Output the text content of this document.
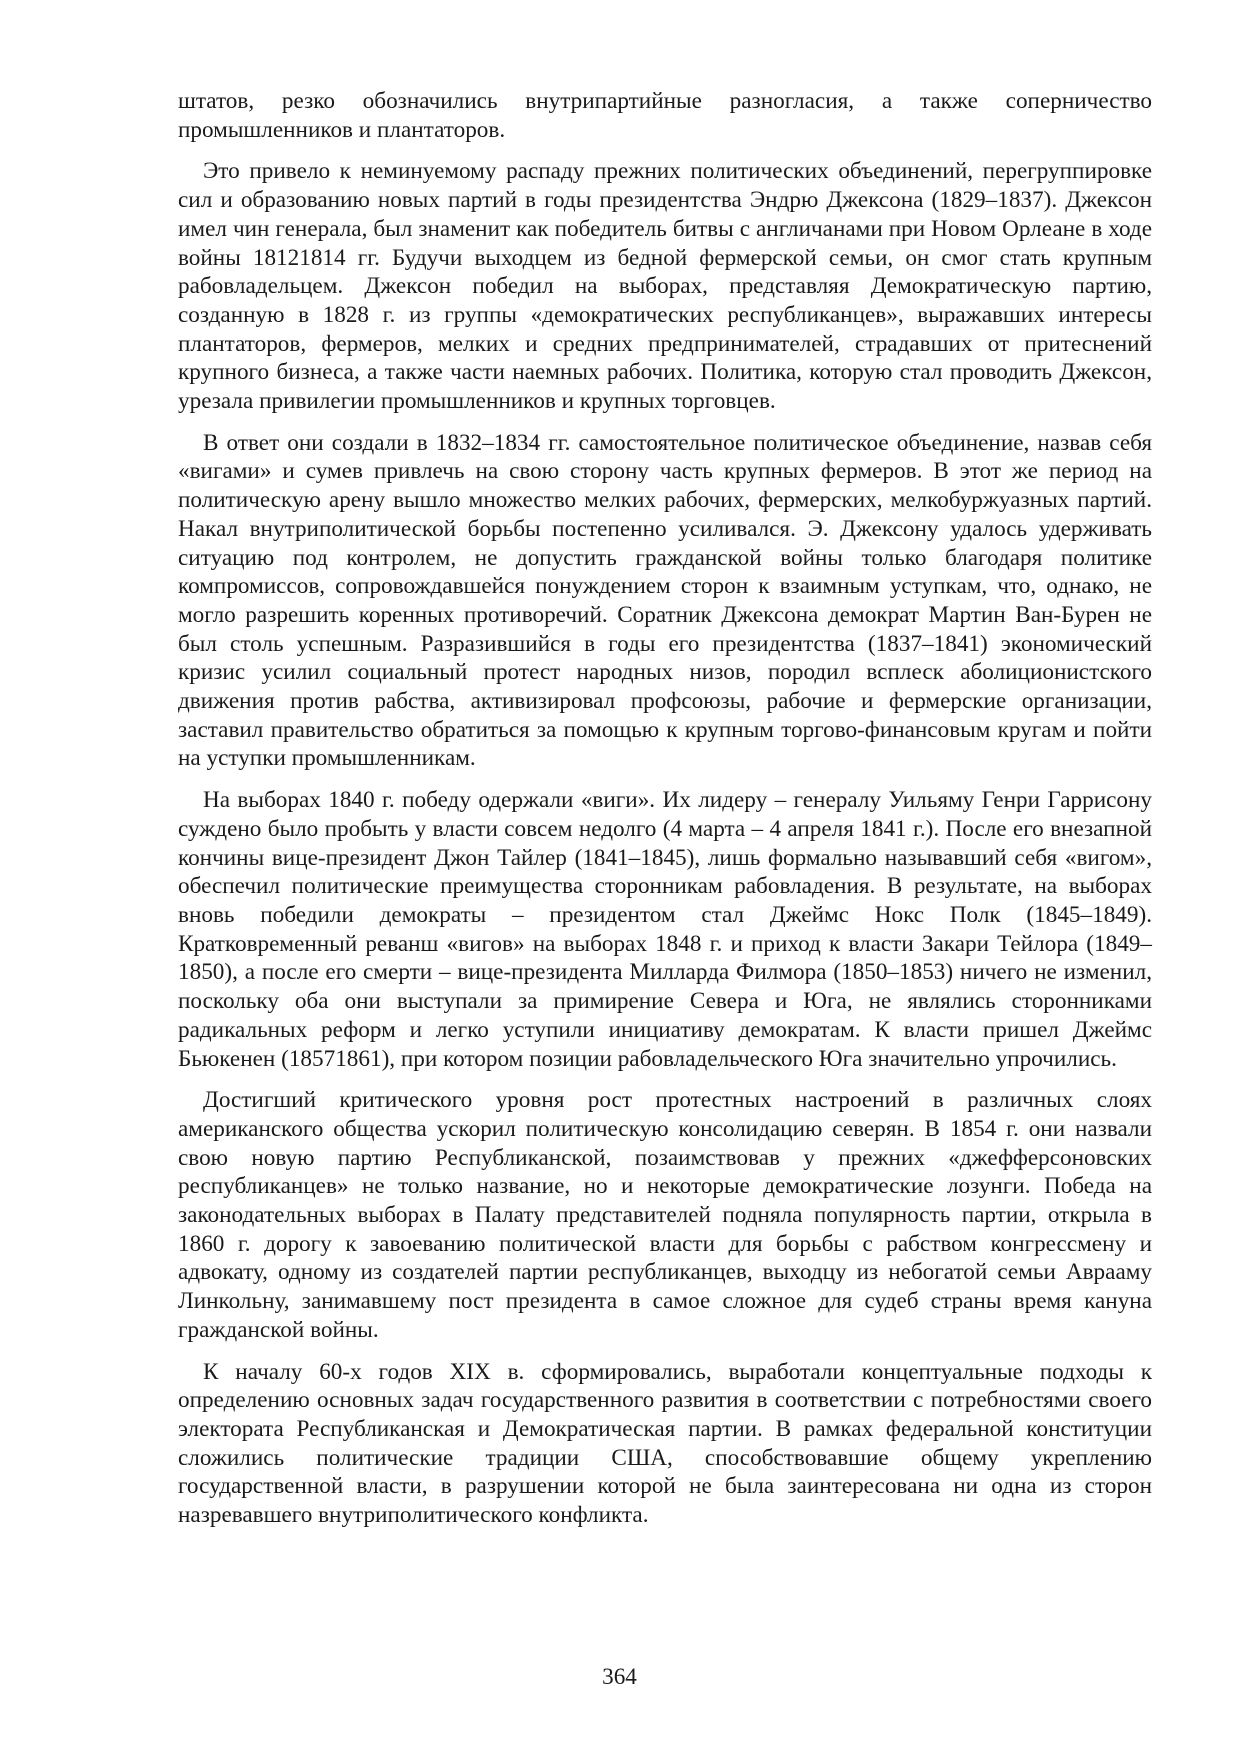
штатов, резко обозначились внутрипартийные разногласия, а также соперничество промышленников и плантаторов.

Это привело к неминуемому распаду прежних политических объединений, перегруппировке сил и образованию новых партий в годы президентства Эндрю Джексона (1829–1837). Джексон имел чин генерала, был знаменит как победитель битвы с англичанами при Новом Орлеане в ходе войны 18121814 гг. Будучи выходцем из бедной фермерской семьи, он смог стать крупным рабовладельцем. Джексон победил на выборах, представляя Демократическую партию, созданную в 1828 г. из группы «демократических республиканцев», выражавших интересы плантаторов, фермеров, мелких и средних предпринимателей, страдавших от притеснений крупного бизнеса, а также части наемных рабочих. Политика, которую стал проводить Джексон, урезала привилегии промышленников и крупных торговцев.

В ответ они создали в 1832–1834 гг. самостоятельное политическое объединение, назвав себя «вигами» и сумев привлечь на свою сторону часть крупных фермеров. В этот же период на политическую арену вышло множество мелких рабочих, фермерских, мелкобуржуазных партий. Накал внутриполитической борьбы постепенно усиливался. Э. Джексону удалось удерживать ситуацию под контролем, не допустить гражданской войны только благодаря политике компромиссов, сопровождавшейся понуждением сторон к взаимным уступкам, что, однако, не могло разрешить коренных противоречий. Соратник Джексона демократ Мартин Ван-Бурен не был столь успешным. Разразившийся в годы его президентства (1837–1841) экономический кризис усилил социальный протест народных низов, породил всплеск аболиционистского движения против рабства, активизировал профсоюзы, рабочие и фермерские организации, заставил правительство обратиться за помощью к крупным торгово-финансовым кругам и пойти на уступки промышленникам.

На выборах 1840 г. победу одержали «виги». Их лидеру – генералу Уильяму Генри Гаррисону суждено было пробыть у власти совсем недолго (4 марта – 4 апреля 1841 г.). После его внезапной кончины вице-президент Джон Тайлер (1841–1845), лишь формально называвший себя «вигом», обеспечил политические преимущества сторонникам рабовладения. В результате, на выборах вновь победили демократы – президентом стал Джеймс Нокс Полк (1845–1849). Кратковременный реванш «вигов» на выборах 1848 г. и приход к власти Закари Тейлора (1849–1850), а после его смерти – вице-президента Милларда Филмора (1850–1853) ничего не изменил, поскольку оба они выступали за примирение Севера и Юга, не являлись сторонниками радикальных реформ и легко уступили инициативу демократам. К власти пришел Джеймс Бьюкенен (18571861), при котором позиции рабовладельческого Юга значительно упрочились.

Достигший критического уровня рост протестных настроений в различных слоях американского общества ускорил политическую консолидацию северян. В 1854 г. они назвали свою новую партию Республиканской, позаимствовав у прежних «джефферсоновских республиканцев» не только название, но и некоторые демократические лозунги. Победа на законодательных выборах в Палату представителей подняла популярность партии, открыла в 1860 г. дорогу к завоеванию политической власти для борьбы с рабством конгрессмену и адвокату, одному из создателей партии республиканцев, выходцу из небогатой семьи Аврааму Линкольну, занимавшему пост президента в самое сложное для судеб страны время кануна гражданской войны.

К началу 60-х годов XIX в. сформировались, выработали концептуальные подходы к определению основных задач государственного развития в соответствии с потребностями своего электората Республиканская и Демократическая партии. В рамках федеральной конституции сложились политические традиции США, способствовавшие общему укреплению государственной власти, в разрушении которой не была заинтересована ни одна из сторон назревавшего внутриполитического конфликта.

364
